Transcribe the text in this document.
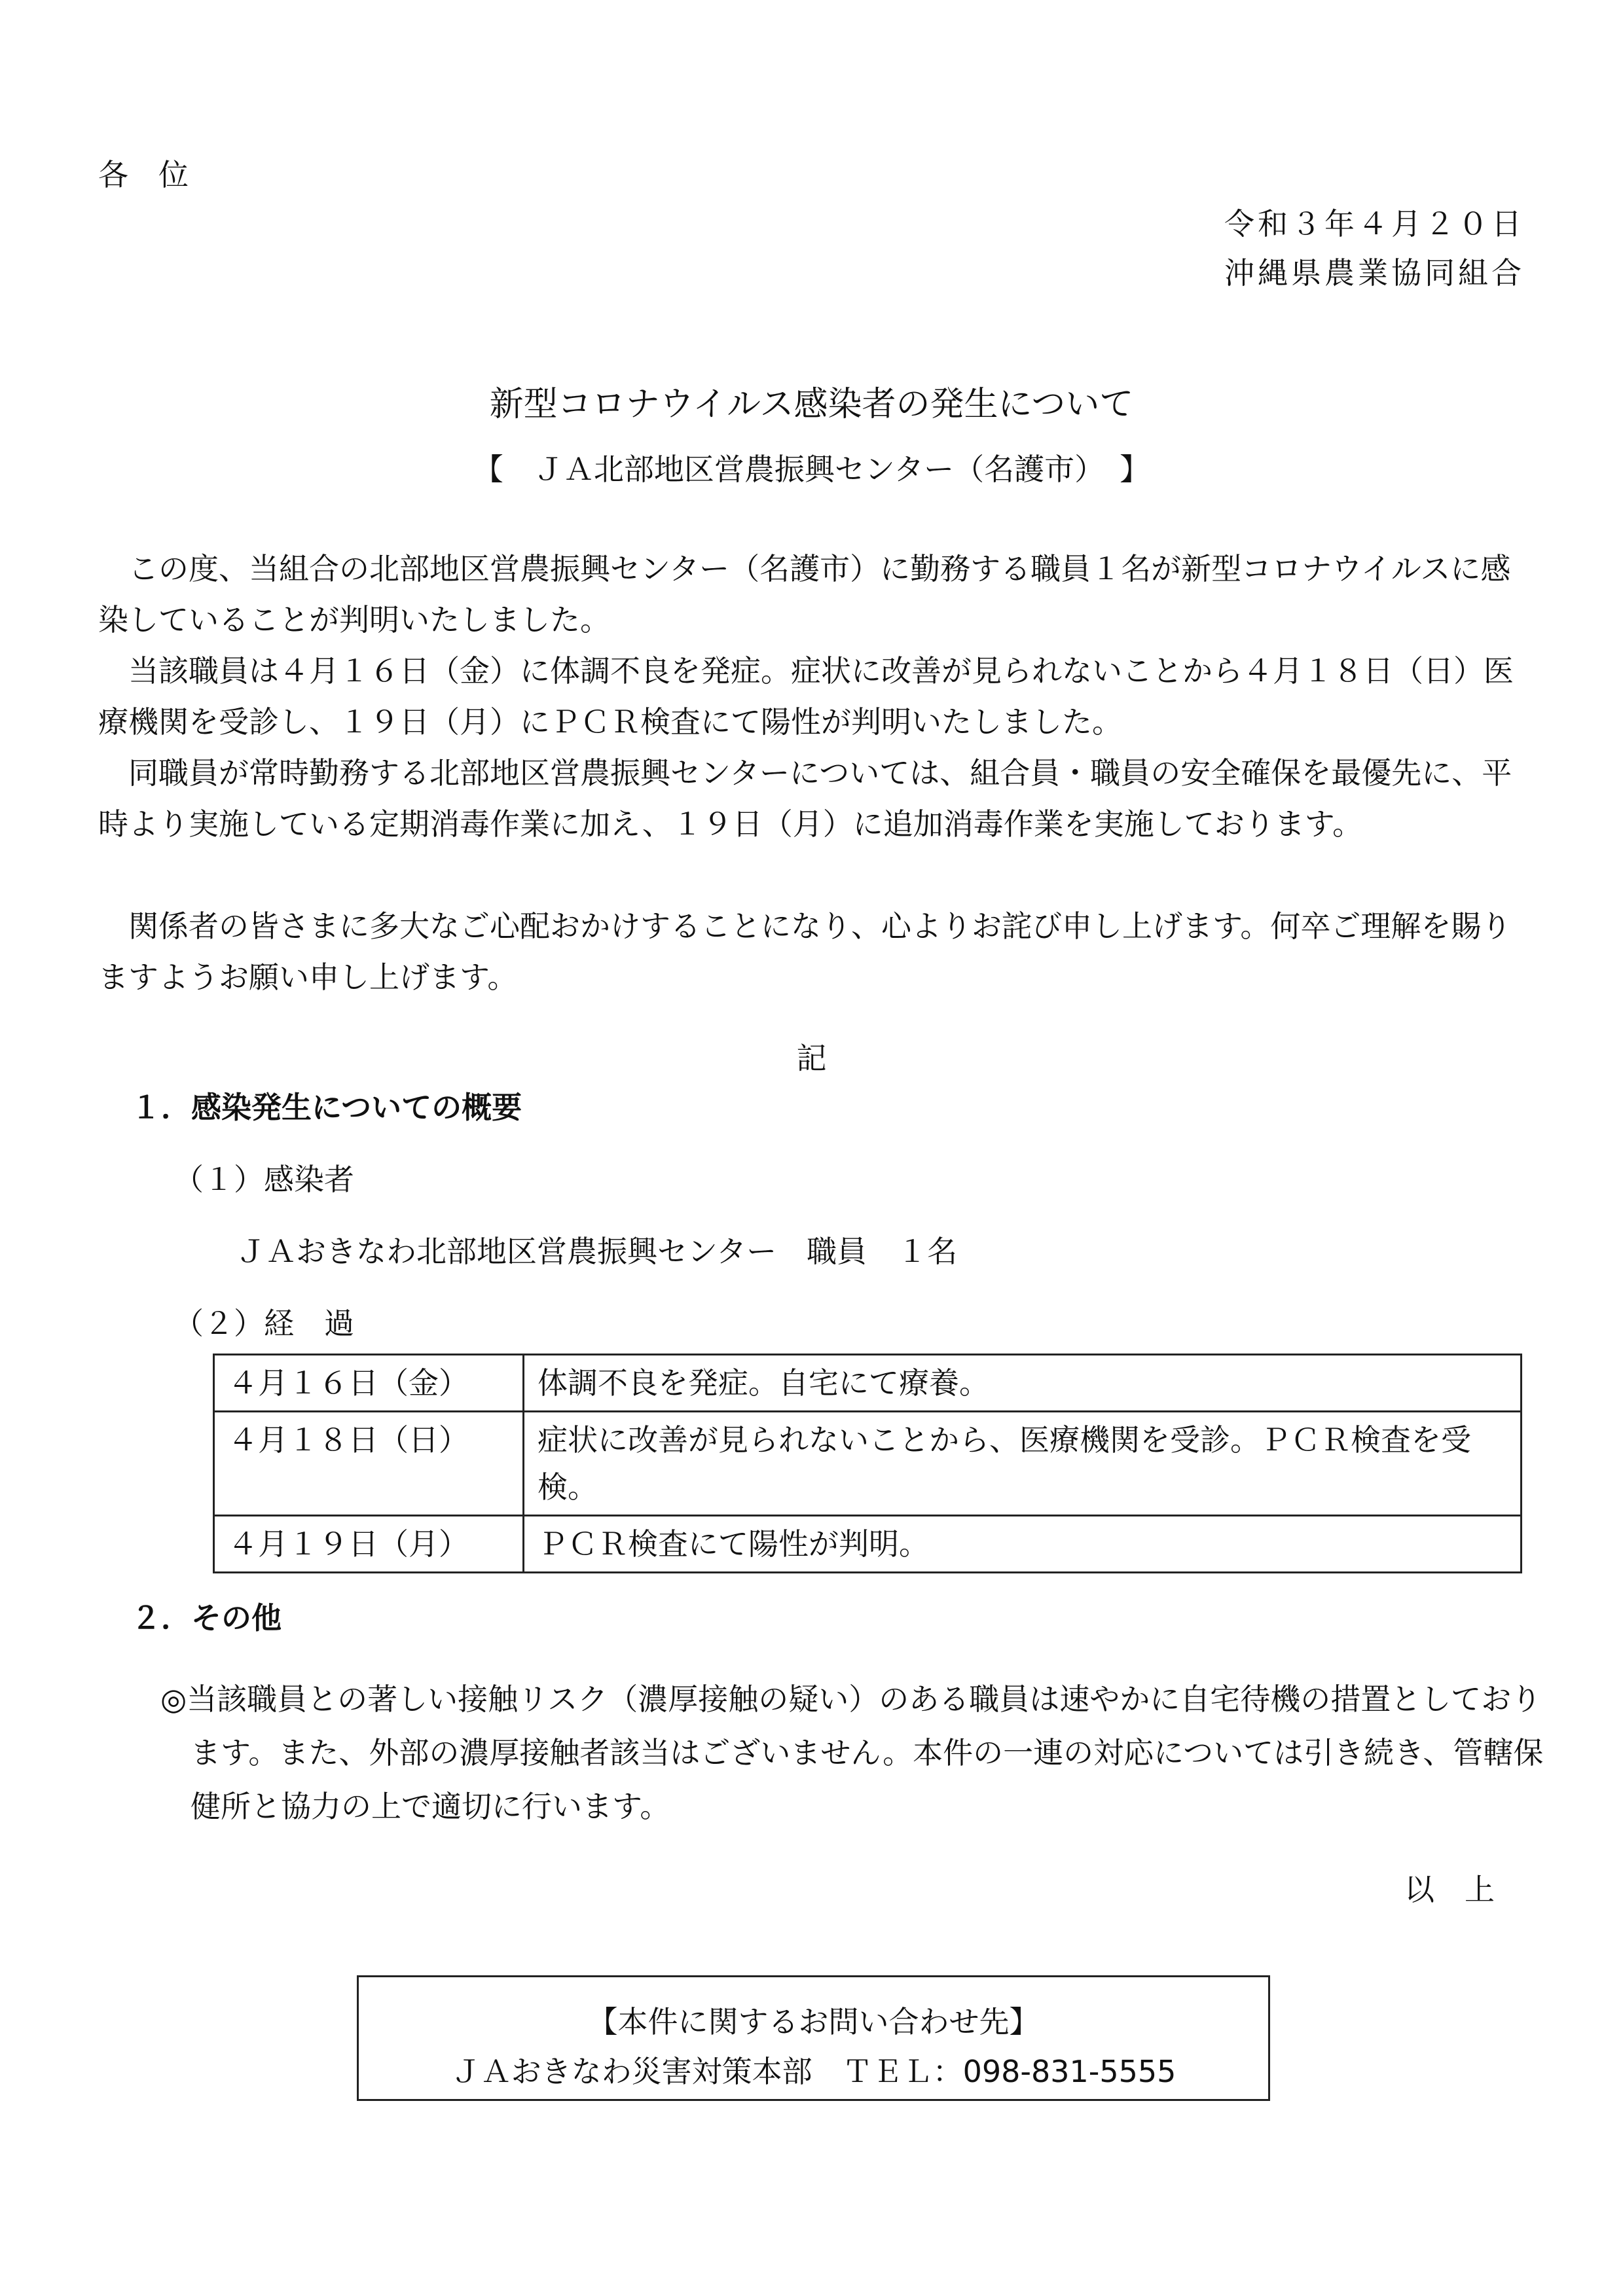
各位
令和３年４月２０日
沖縄県農業協同組合
新型コロナウイルス感染者の発生について
【　ＪＡ北部地区営農振興センター（名護市）　】
この度、当組合の北部地区営農振興センター（名護市）に勤務する職員１名が新型コロナウイルスに感染していることが判明いたしました。
当該職員は４月１６日（金）に体調不良を発症。症状に改善が見られないことから４月１８日（日）医療機関を受診し、１９日（月）にＰＣＲ検査にて陽性が判明いたしました。
同職員が常時勤務する北部地区営農振興センターについては、組合員・職員の安全確保を最優先に、平時より実施している定期消毒作業に加え、１９日（月）に追加消毒作業を実施しております。
関係者の皆さまに多大なご心配おかけすることになり、心よりお詫び申し上げます。何卒ご理解を賜りますようお願い申し上げます。
記
１．感染発生についての概要
（１）感染者
ＪＡおきなわ北部地区営農振興センター　職員　１名
（２）経　過
４月１６日（金）	体調不良を発症。自宅にて療養。
４月１８日（日）	症状に改善が見られないことから、医療機関を受診。ＰＣＲ検査を受検。
４月１９日（月）	ＰＣＲ検査にて陽性が判明。
２．その他
◎当該職員との著しい接触リスク（濃厚接触の疑い）のある職員は速やかに自宅待機の措置としております。また、外部の濃厚接触者該当はございません。本件の一連の対応については引き続き、管轄保健所と協力の上で適切に行います。
以上
【本件に関するお問い合わせ先】
ＪＡおきなわ災害対策本部　ＴＥＬ：098-831-5555
